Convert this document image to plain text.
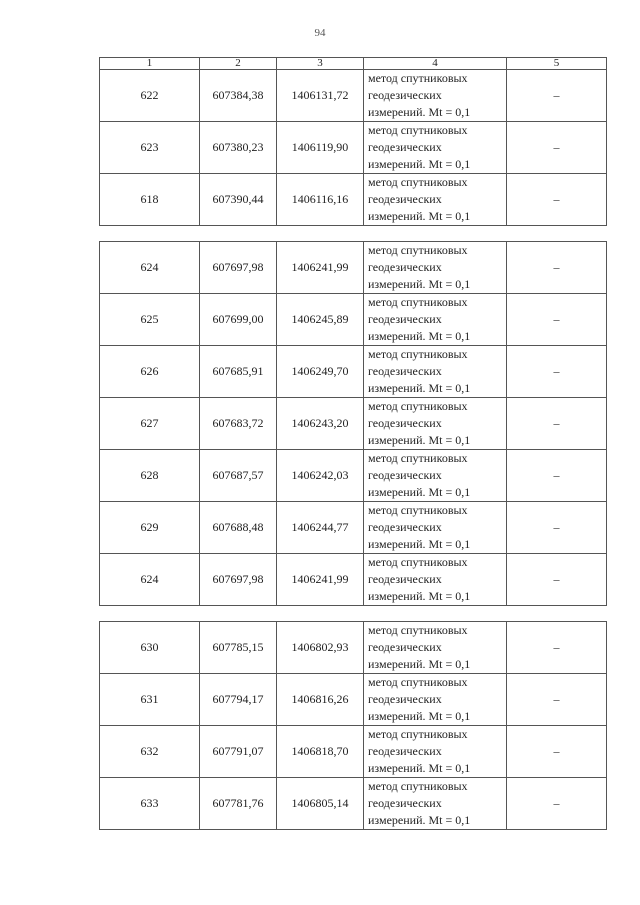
94
1	2	3	4	5
622	607384,38	1406131,72	метод спутниковых
геодезических
измерений. Mt = 0,1	–
623	607380,23	1406119,90	метод спутниковых
геодезических
измерений. Mt = 0,1	–
618	607390,44	1406116,16	метод спутниковых
геодезических
измерений. Mt = 0,1	–

624	607697,98	1406241,99	метод спутниковых
геодезических
измерений. Mt = 0,1	–
625	607699,00	1406245,89	метод спутниковых
геодезических
измерений. Mt = 0,1	–
626	607685,91	1406249,70	метод спутниковых
геодезических
измерений. Mt = 0,1	–
627	607683,72	1406243,20	метод спутниковых
геодезических
измерений. Mt = 0,1	–
628	607687,57	1406242,03	метод спутниковых
геодезических
измерений. Mt = 0,1	–
629	607688,48	1406244,77	метод спутниковых
геодезических
измерений. Mt = 0,1	–
624	607697,98	1406241,99	метод спутниковых
геодезических
измерений. Mt = 0,1	–

630	607785,15	1406802,93	метод спутниковых
геодезических
измерений. Mt = 0,1	–
631	607794,17	1406816,26	метод спутниковых
геодезических
измерений. Mt = 0,1	–
632	607791,07	1406818,70	метод спутниковых
геодезических
измерений. Mt = 0,1	–
633	607781,76	1406805,14	метод спутниковых
геодезических
измерений. Mt = 0,1	–
